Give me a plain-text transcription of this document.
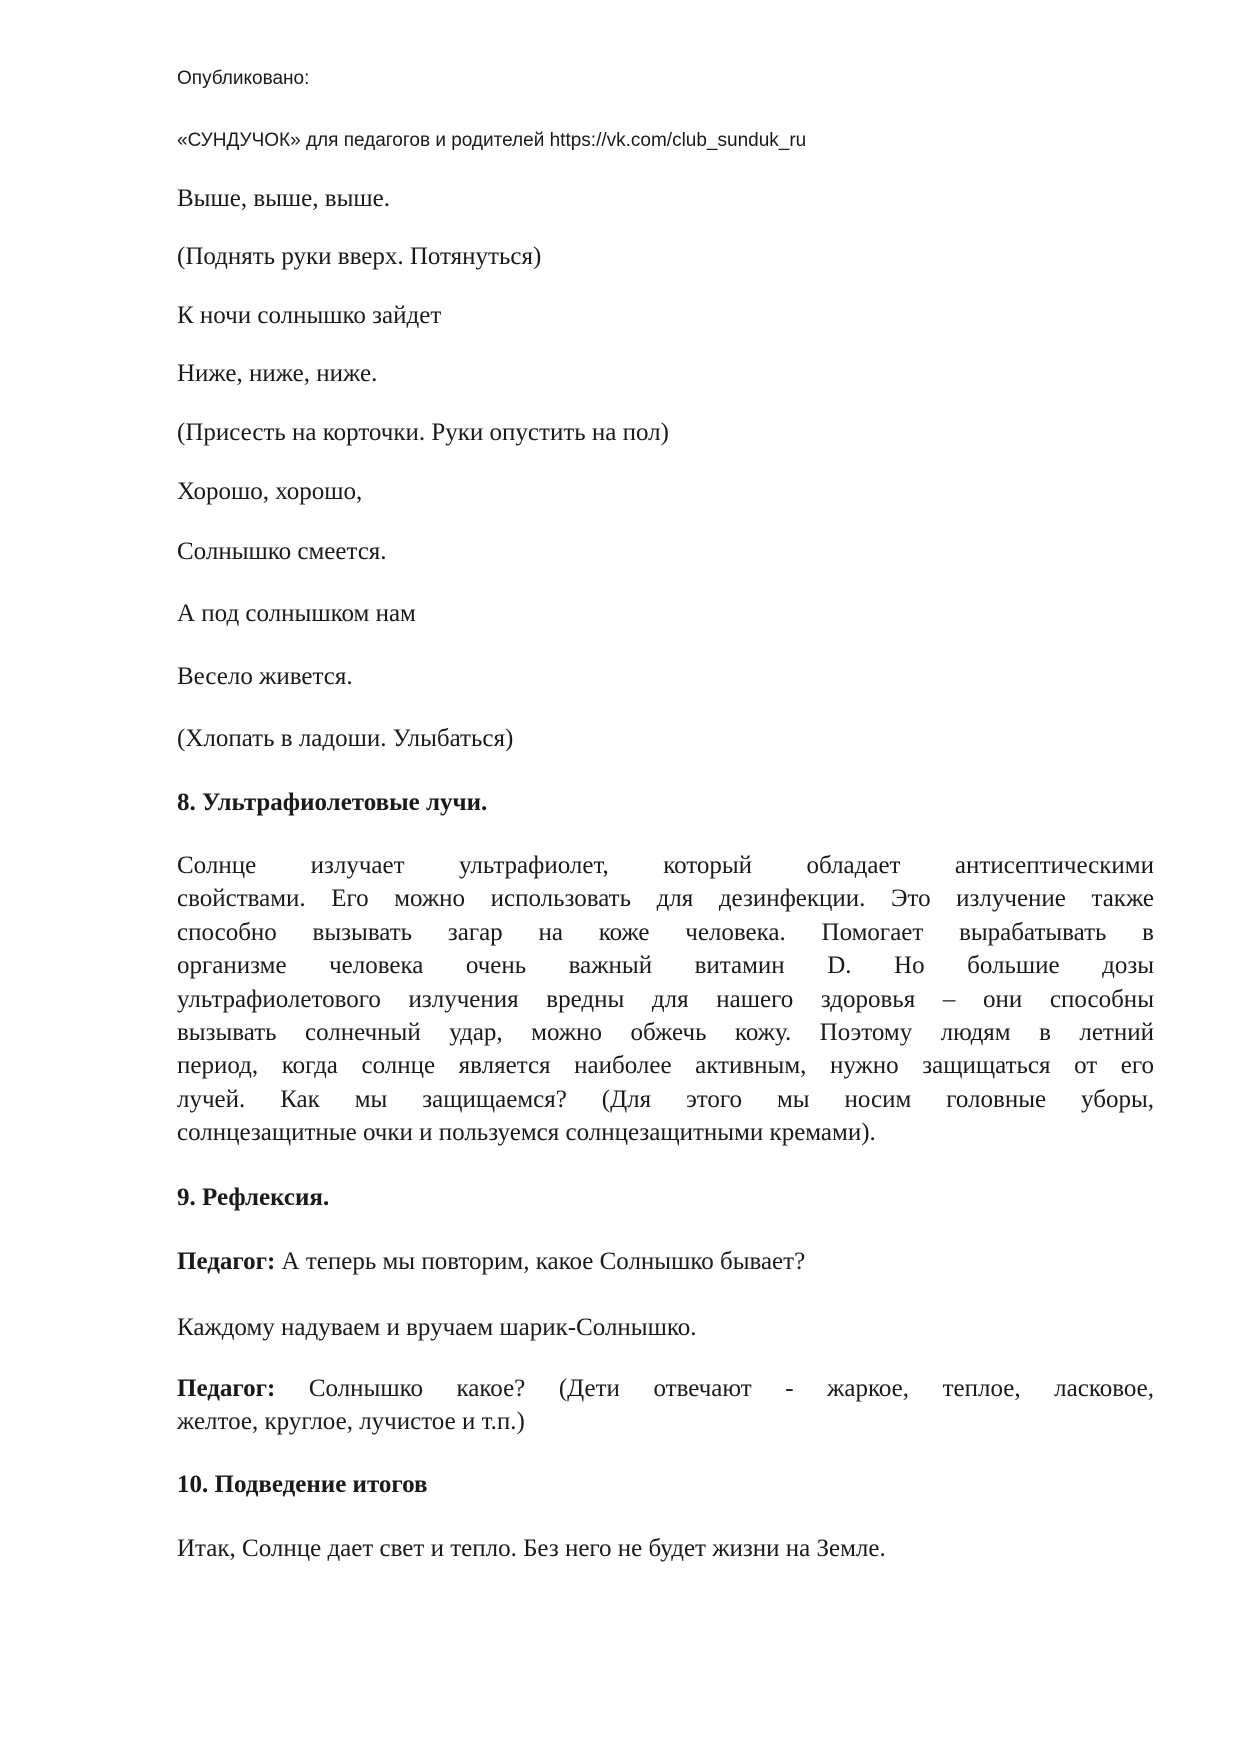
Опубликовано:
«СУНДУЧОК» для педагогов и родителей https://vk.com/club_sunduk_ru
Выше, выше, выше.
(Поднять руки вверх. Потянуться)
К ночи солнышко зайдет
Ниже, ниже, ниже.
(Присесть на корточки. Руки опустить на пол)
Хорошо, хорошо,
Солнышко смеется.
А под солнышком нам
Весело живется.
(Хлопать в ладоши. Улыбаться)
8. Ультрафиолетовые лучи.
Солнце излучает ультрафиолет, который обладает антисептическими
свойствами. Его можно использовать для дезинфекции. Это излучение также
способно вызывать загар на коже человека. Помогает вырабатывать в
организме человека очень важный витамин D. Но большие дозы
ультрафиолетового излучения вредны для нашего здоровья – они способны
вызывать солнечный удар, можно обжечь кожу. Поэтому людям в летний
период, когда солнце является наиболее активным, нужно защищаться от его
лучей. Как мы защищаемся? (Для этого мы носим головные уборы,
солнцезащитные очки и пользуемся солнцезащитными кремами).
9. Рефлексия.
Педагог: А теперь мы повторим, какое Солнышко бывает?
Каждому надуваем и вручаем шарик-Солнышко.
Педагог: Солнышко какое? (Дети отвечают - жаркое, теплое, ласковое,
желтое, круглое, лучистое и т.п.)
10. Подведение итогов
Итак, Солнце дает свет и тепло. Без него не будет жизни на Земле.
